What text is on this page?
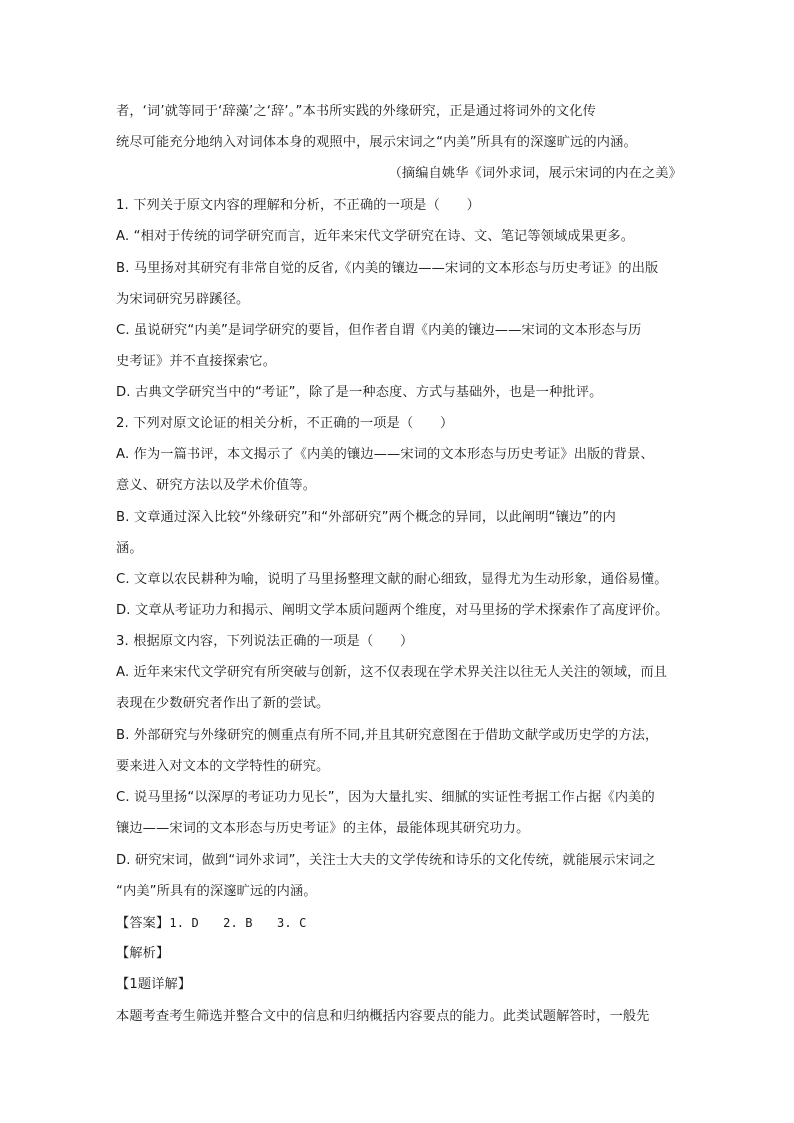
者，‘词’就等同于‘辞藻’之‘辞’。”本书所实践的外缘研究，正是通过将词外的文化传
统尽可能充分地纳入对词体本身的观照中，展示宋词之“内美”所具有的深邃旷远的内涵。
（摘编自姚华《词外求词，展示宋词的内在之美》
1. 下列关于原文内容的理解和分析，不正确的一项是（　　）
A. “相对于传统的词学研究而言，近年来宋代文学研究在诗、文、笔记等领域成果更多。
B. 马里扬对其研究有非常自觉的反省,《内美的镶边——宋词的文本形态与历史考证》的出版
为宋词研究另辟蹊径。
C. 虽说研究“内美”是词学研究的要旨，但作者自谓《内美的镶边——宋词的文本形态与历
史考证》并不直接探索它。
D. 古典文学研究当中的“考证”，除了是一种态度、方式与基础外，也是一种批评。
2. 下列对原文论证的相关分析，不正确的一项是（　　）
A. 作为一篇书评，本文揭示了《内美的镶边——宋词的文本形态与历史考证》出版的背景、
意义、研究方法以及学术价值等。
B. 文章通过深入比较“外缘研究”和“外部研究”两个概念的异同，以此阐明“镶边”的内
涵。
C. 文章以农民耕种为喻，说明了马里扬整理文献的耐心细致，显得尤为生动形象，通俗易懂。
D. 文章从考证功力和揭示、阐明文学本质问题两个维度，对马里扬的学术探索作了高度评价。
3. 根据原文内容，下列说法正确的一项是（　　）
A. 近年来宋代文学研究有所突破与创新，这不仅表现在学术界关注以往无人关注的领域，而且
表现在少数研究者作出了新的尝试。
B. 外部研究与外缘研究的侧重点有所不同,并且其研究意图在于借助文献学或历史学的方法，
要来进入对文本的文学特性的研究。
C. 说马里扬“以深厚的考证功力见长”，因为大量扎实、细腻的实证性考据工作占据《内美的
镶边——宋词的文本形态与历史考证》的主体，最能体现其研究功力。
D. 研究宋词，做到“词外求词”，关注士大夫的文学传统和诗乐的文化传统，就能展示宋词之
“内美”所具有的深邃旷远的内涵。
【答案】1. D　　2. B　　3. C
【解析】
【1题详解】
本题考查考生筛选并整合文中的信息和归纳概括内容要点的能力。此类试题解答时，一般先
